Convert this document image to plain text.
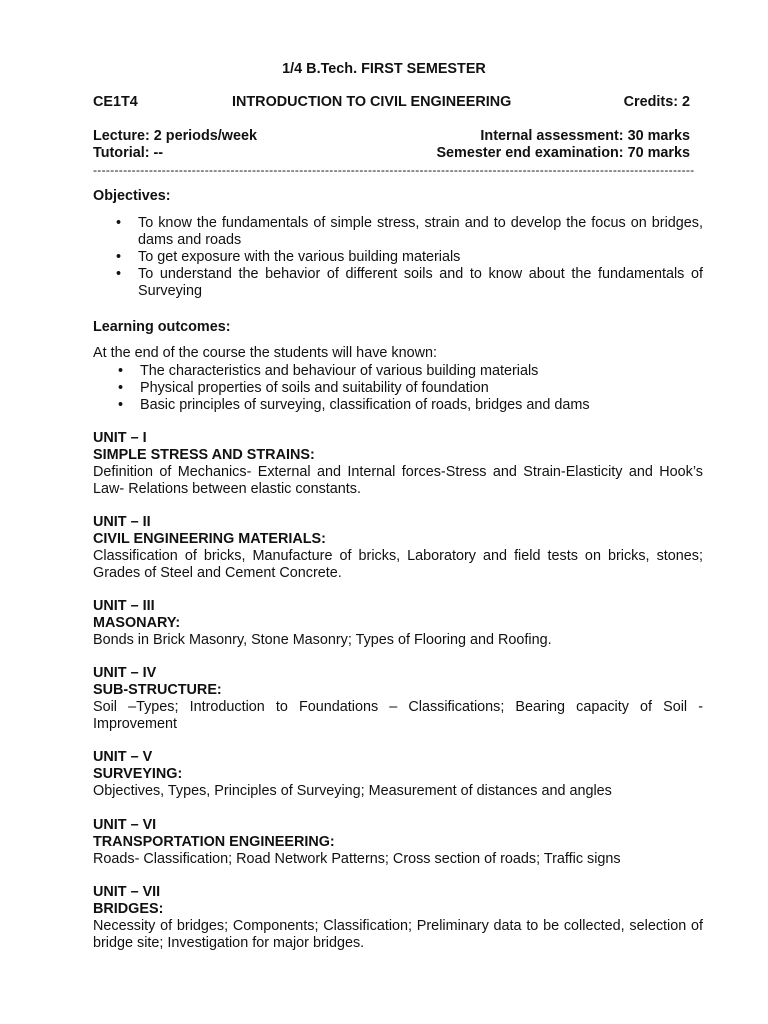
1/4 B.Tech. FIRST SEMESTER
CE1T4	INTRODUCTION TO CIVIL ENGINEERING	Credits: 2
Lecture: 2 periods/week	Internal assessment: 30 marks
Tutorial: --	Semester end examination: 70 marks
--------------------------------------------------------------------------------------------------------------------------------------------
Objectives:
• To know the fundamentals of simple stress, strain and to develop the focus on bridges, dams and roads
• To get exposure with the various building materials
• To understand the behavior of different soils and to know about the fundamentals of Surveying
Learning outcomes:
At the end of the course the students will have known:
• The characteristics and behaviour of various building materials
• Physical properties of soils and suitability of foundation
• Basic principles of surveying, classification of roads, bridges and dams
UNIT – I
SIMPLE STRESS AND STRAINS:

Definition of Mechanics- External and Internal forces-Stress and Strain-Elasticity and Hook’s Law- Relations between elastic constants.

UNIT – II
CIVIL ENGINEERING MATERIALS:

Classification of bricks, Manufacture of bricks, Laboratory and field tests on bricks, stones; Grades of Steel and Cement Concrete.

UNIT – III
MASONARY:

Bonds in Brick Masonry, Stone Masonry; Types of Flooring and Roofing.

UNIT – IV
SUB-STRUCTURE:

Soil –Types; Introduction to Foundations – Classifications; Bearing capacity of Soil - Improvement

UNIT – V
SURVEYING:

Objectives, Types, Principles of Surveying; Measurement of distances and angles

UNIT – VI
TRANSPORTATION ENGINEERING:

Roads- Classification; Road Network Patterns; Cross section of roads; Traffic signs

UNIT – VII
BRIDGES:

Necessity of bridges; Components; Classification; Preliminary data to be collected, selection of bridge site; Investigation for major bridges.
